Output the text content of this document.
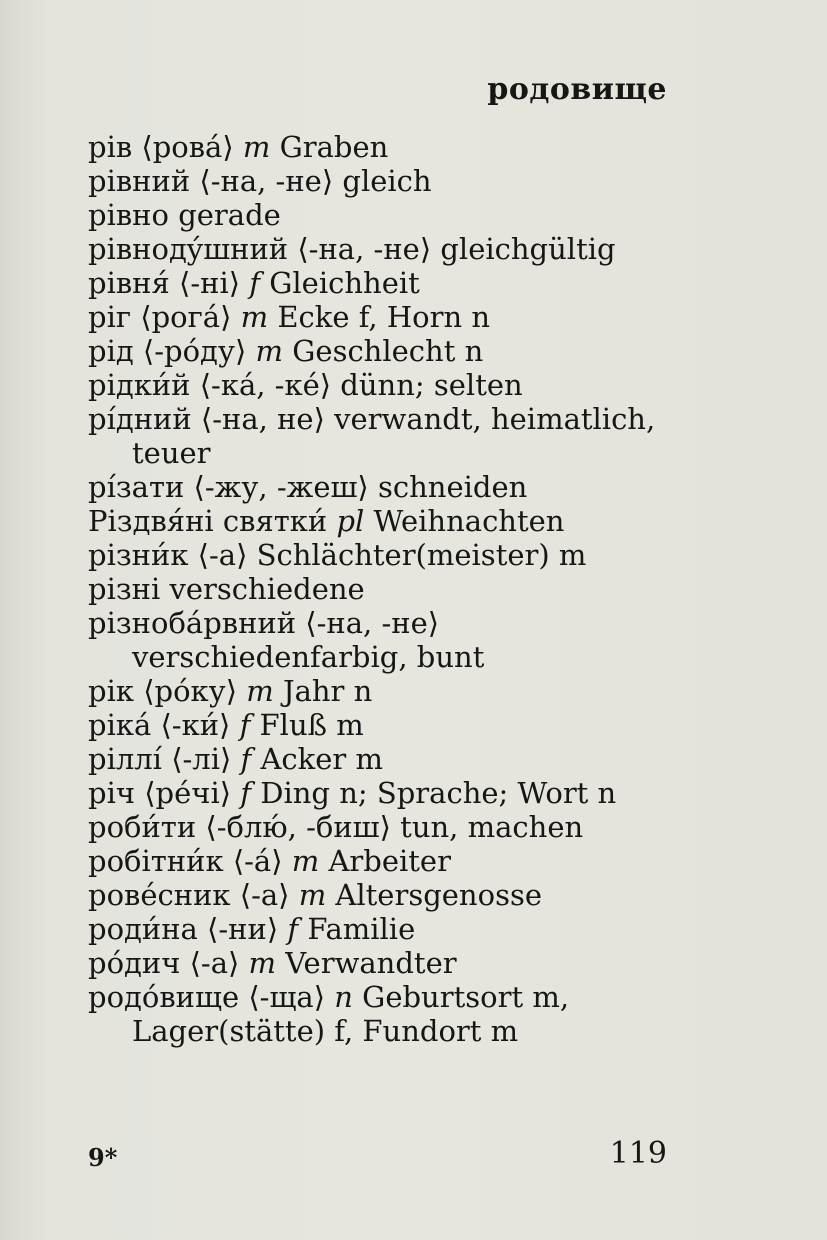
родовище

рів ⟨ровá⟩ m Graben

рівний ⟨-на, -не⟩ gleich

рівно gerade

рівнодýшний ⟨-на, -не⟩ gleichgültig

рівня́ ⟨-ні⟩ f Gleichheit

ріг ⟨рогá⟩ m Ecke f, Horn n

рід ⟨-рóду⟩ m Geschlecht n

рідки́й ⟨-кá, -кé⟩ dünn; selten

рі́дний ⟨-на, не⟩ verwandt, heimatlich, teuer

рі́зати ⟨-жу, -жеш⟩ schneiden

Різдвя́ні святки́ pl Weihnachten

різни́к ⟨-а⟩ Schlächter(meister) m

різні verschiedene

різнобáрвний ⟨-на, -не⟩ verschiedenfarbig, bunt

рік ⟨рóку⟩ m Jahr n

рікá ⟨-ки́⟩ f Fluß m

ріллі́ ⟨-лі⟩ f Acker m

річ ⟨рéчі⟩ f Ding n; Sprache; Wort n

роби́ти ⟨-блю́, -биш⟩ tun, machen

робітни́к ⟨-á⟩ m Arbeiter

ровéсник ⟨-а⟩ m Altersgenosse

роди́на ⟨-ни⟩ f Familie

рóдич ⟨-а⟩ m Verwandter

родóвище ⟨-ща⟩ n Geburtsort m, Lager(stätte) f, Fundort m

9*	119
